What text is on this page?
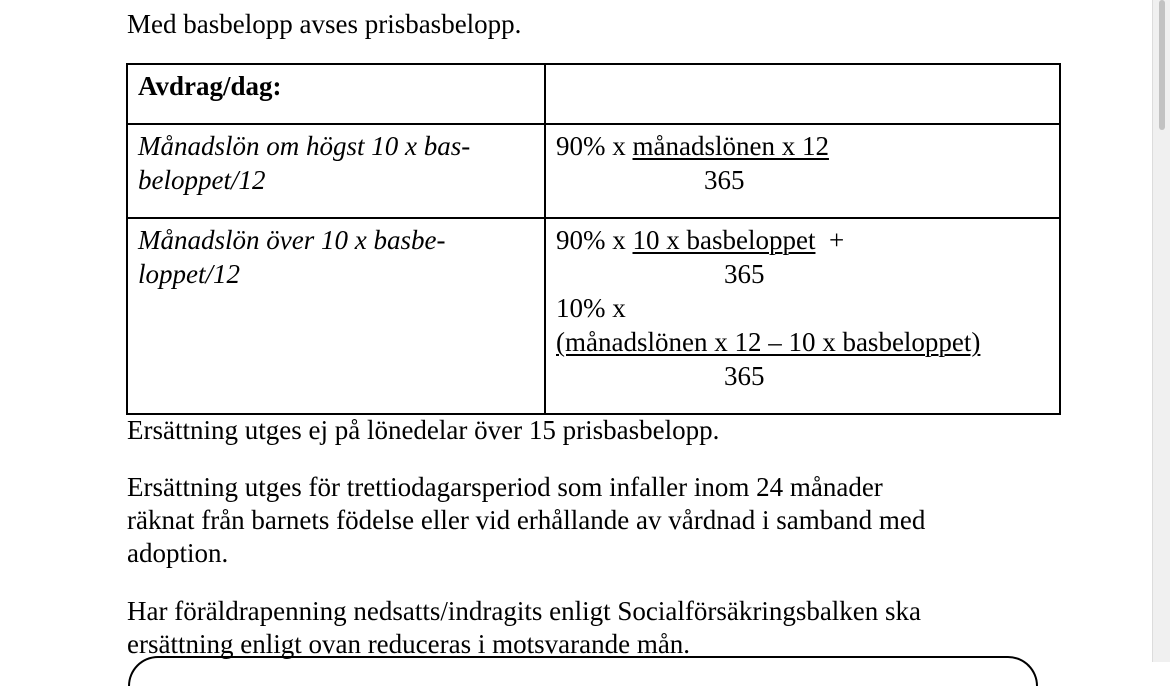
Med basbelopp avses prisbasbelopp.

Avdrag/dag:	

Månadslön om högst 10 x bas-
beloppet/12	90% x månadslönen x 12
365

Månadslön över 10 x basbe-
loppet/12	90% x 10 x basbeloppet +
365
10% x
(månadslönen x 12 – 10 x basbeloppet)
365

Ersättning utges ej på lönedelar över 15 prisbasbelopp.

Ersättning utges för trettiodagarsperiod som infaller inom 24 månader
räknat från barnets födelse eller vid erhållande av vårdnad i samband med
adoption.

Har föräldrapenning nedsatts/indragits enligt Socialförsäkringsbalken ska
ersättning enligt ovan reduceras i motsvarande mån.
